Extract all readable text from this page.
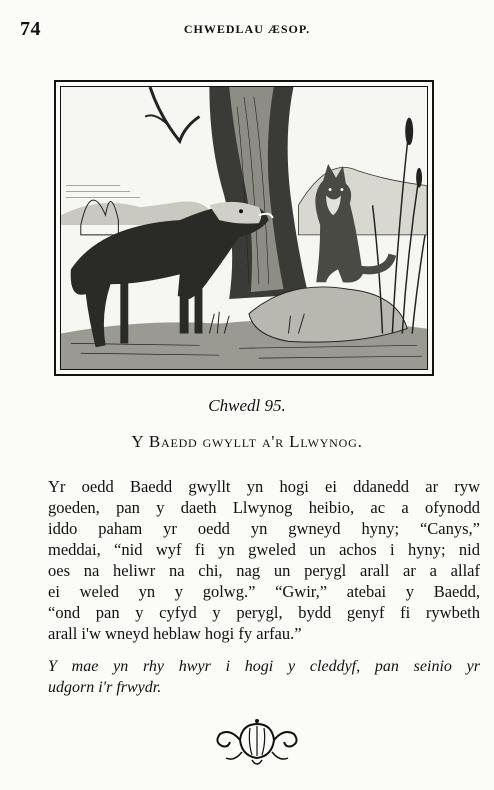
74	CHWEDLAU ÆSOP.
Chwedl 95.
Y Baedd gwyllt a'r Llwynog.

Yr oedd Baedd gwyllt yn hogi ei ddanedd ar ryw
goeden, pan y daeth Llwynog heibio, ac a ofynodd
iddo paham yr oedd yn gwneyd hyny; “Canys,”
meddai, “nid wyf fi yn gweled un achos i hyny; nid
oes na heliwr na chi, nag un perygl arall ar a allaf
ei weled yn y golwg.” “Gwir,” atebai y Baedd,
“ond pan y cyfyd y perygl, bydd genyf fi rywbeth
arall i'w wneyd heblaw hogi fy arfau.”

Y mae yn rhy hwyr i hogi y cleddyf, pan seinio yr
udgorn i'r frwydr.
